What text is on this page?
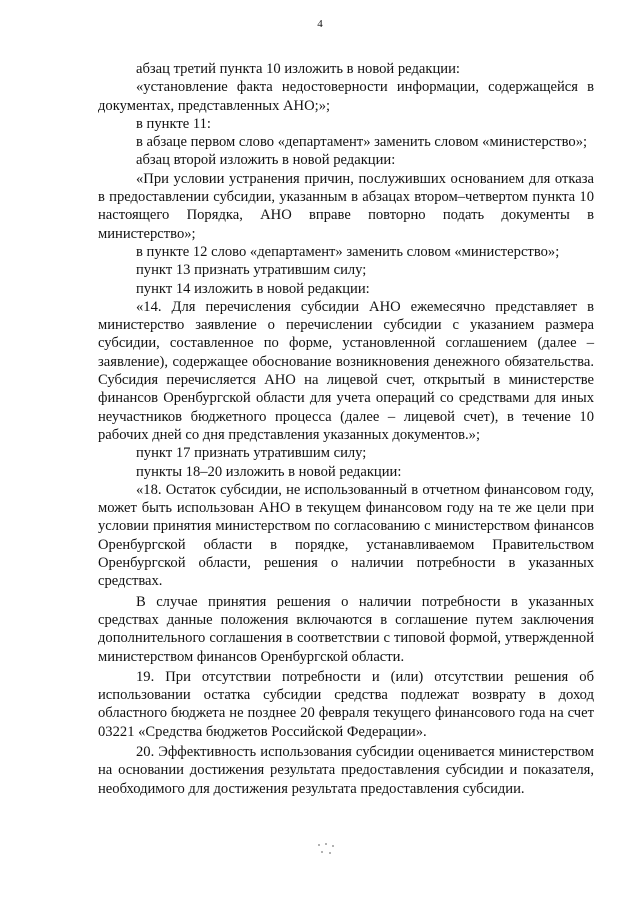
4

абзац третий пункта 10 изложить в новой редакции:

«установление факта недостоверности информации, содержащейся в документах, представленных АНО;»;

в пункте 11:

в абзаце первом слово «департамент» заменить словом «министерство»;

абзац второй изложить в новой редакции:

«При условии устранения причин, послуживших основанием для отказа в предоставлении субсидии, указанным в абзацах втором–четвертом пункта 10 настоящего Порядка, АНО вправе повторно подать документы в министерство»;

в пункте 12 слово «департамент» заменить словом «министерство»;

пункт 13 признать утратившим силу;

пункт 14 изложить в новой редакции:

«14. Для перечисления субсидии АНО ежемесячно представляет в министерство заявление о перечислении субсидии с указанием размера субсидии, составленное по форме, установленной соглашением (далее – заявление), содержащее обоснование возникновения денежного обязательства. Субсидия перечисляется АНО на лицевой счет, открытый в министерстве финансов Оренбургской области для учета операций со средствами для иных неучастников бюджетного процесса (далее – лицевой счет), в течение 10 рабочих дней со дня представления указанных документов.»;

пункт 17 признать утратившим силу;

пункты 18–20 изложить в новой редакции:

«18. Остаток субсидии, не использованный в отчетном финансовом году, может быть использован АНО в текущем финансовом году на те же цели при условии принятия министерством по согласованию с министерством финансов Оренбургской области в порядке, устанавливаемом Правительством Оренбургской области, решения о наличии потребности в указанных средствах.

В случае принятия решения о наличии потребности в указанных средствах данные положения включаются в соглашение путем заключения дополнительного соглашения в соответствии с типовой формой, утвержденной министерством финансов Оренбургской области.

19. При отсутствии потребности и (или) отсутствии решения об использовании остатка субсидии средства подлежат возврату в доход областного бюджета не позднее 20 февраля текущего финансового года на счет 03221 «Средства бюджетов Российской Федерации».

20. Эффективность использования субсидии оценивается министерством на основании достижения результата предоставления субсидии и показателя, необходимого для достижения результата предоставления субсидии.
